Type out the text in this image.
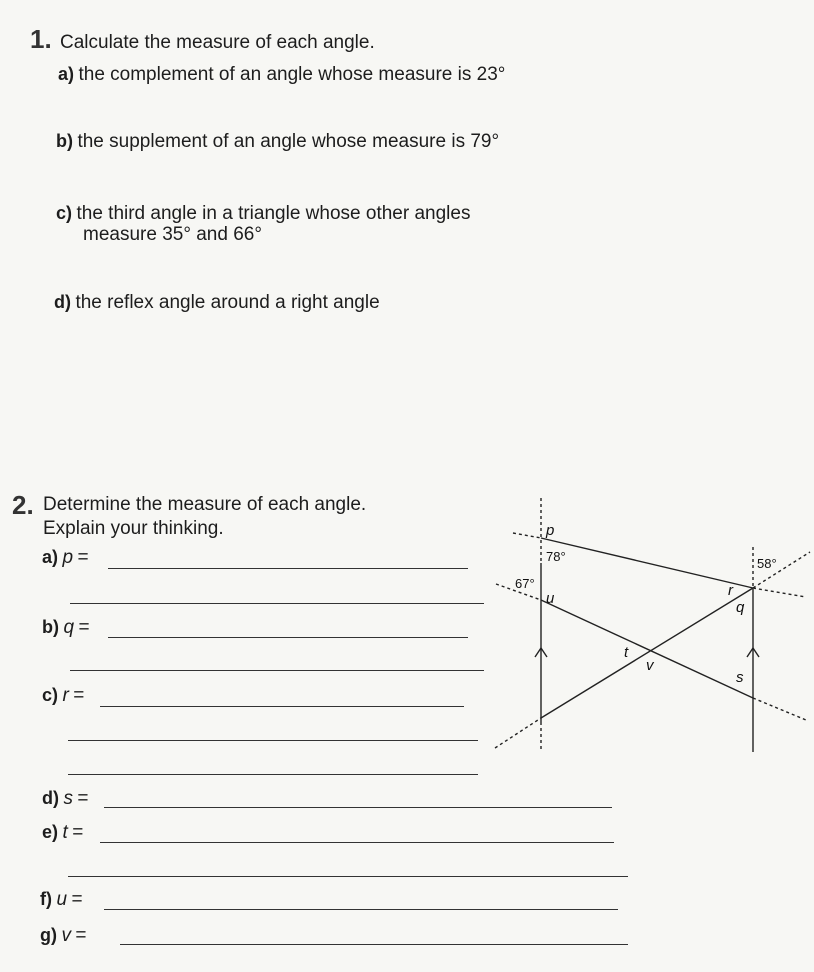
1. Calculate the measure of each angle.
a) the complement of an angle whose measure is 23°
b) the supplement of an angle whose measure is 79°
c) the third angle in a triangle whose other angles
measure 35° and 66°
d) the reflex angle around a right angle
2. Determine the measure of each angle.
Explain your thinking.
a) p =
b) q =
c) r =
d) s =
e) t =
f) u =
g) v =
p
78°
67°
u
58°
r
q
t
v
s
